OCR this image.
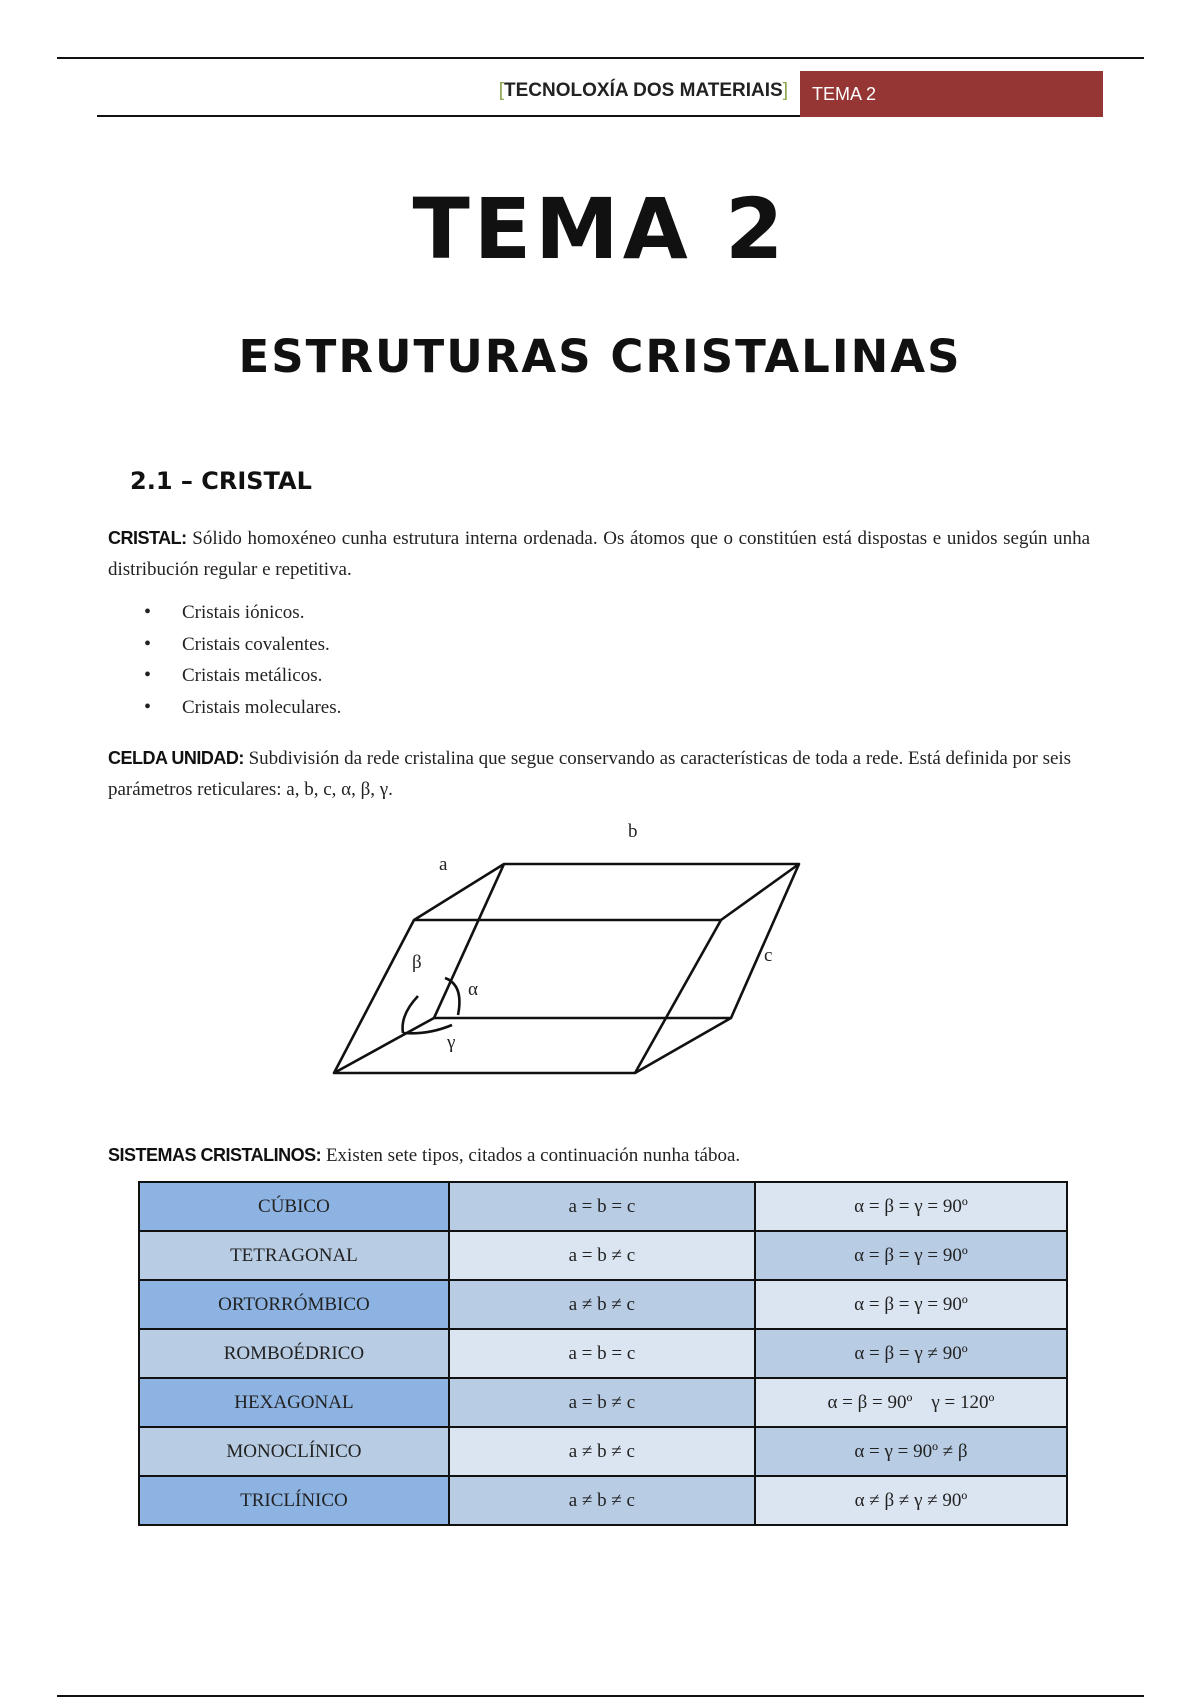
[TECNOLOXÍA DOS MATERIAIS]	TEMA 2
TEMA 2
ESTRUTURAS CRISTALINAS
2.1 – CRISTAL
CRISTAL: Sólido homoxéneo cunha estrutura interna ordenada. Os átomos que o constitúen está dispostas e unidos según unha distribución regular e repetitiva.
• Cristais iónicos.
• Cristais covalentes.
• Cristais metálicos.
• Cristais moleculares.
CELDA UNIDAD: Subdivisión da rede cristalina que segue conservando as características de toda a rede. Está definida por seis parámetros reticulares: a, b, c, α, β, γ.
a
b
c
β
α
γ
SISTEMAS CRISTALINOS: Existen sete tipos, citados a continuación nunha táboa.
CÚBICO	a = b = c	α = β = γ = 90º
TETRAGONAL	a = b ≠ c	α = β = γ = 90º
ORTORRÓMBICO	a ≠ b ≠ c	α = β = γ = 90º
ROMBOÉDRICO	a = b = c	α = β = γ ≠ 90º
HEXAGONAL	a = b ≠ c	α = β = 90º    γ = 120º
MONOCLÍNICO	a ≠ b ≠ c	α = γ = 90º ≠ β
TRICLÍNICO	a ≠ b ≠ c	α ≠ β ≠ γ ≠ 90º
